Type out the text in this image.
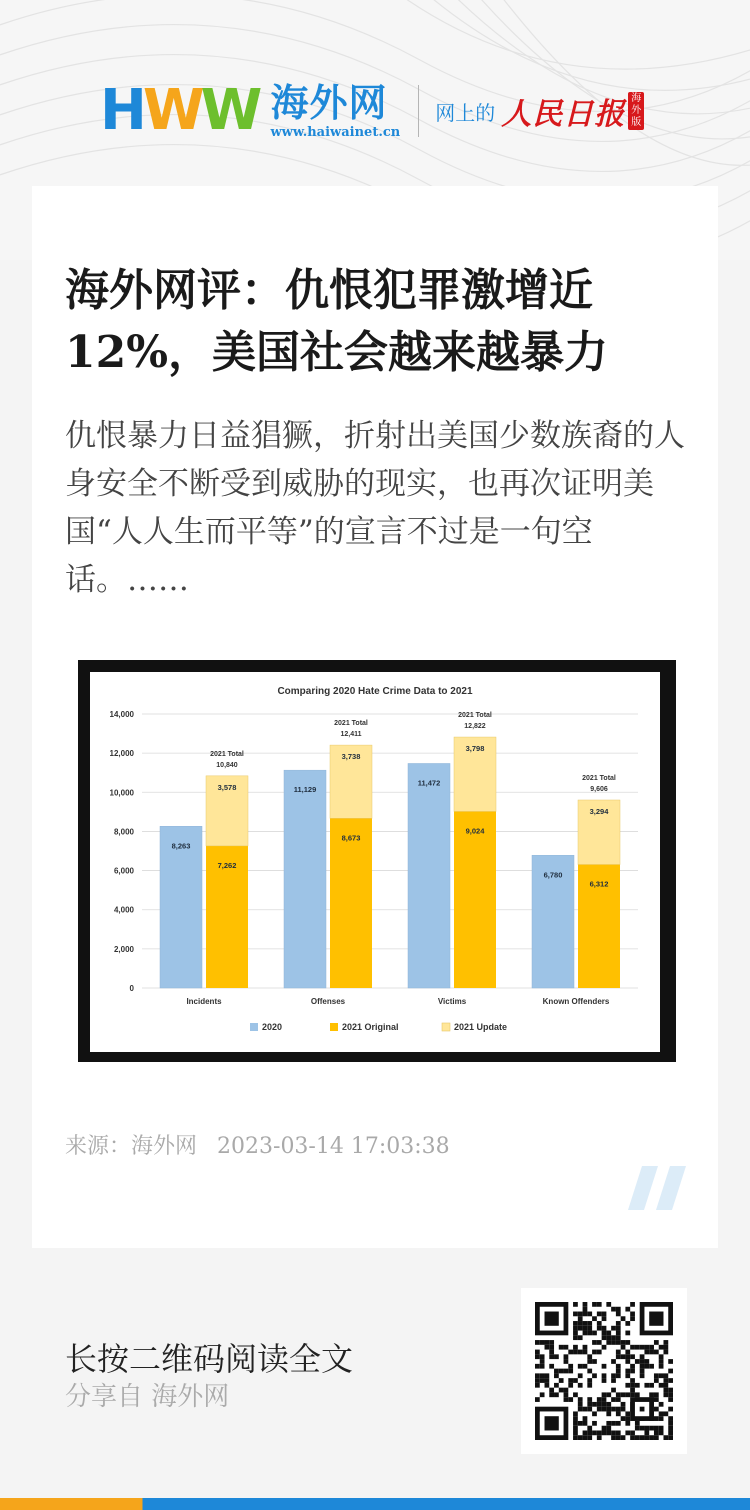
H W W 海外网
www.haiwainet.cn
网上的 人民日报 海外版
海外网评：仇恨犯罪激增近12%，美国社会越来越暴力

仇恨暴力日益猖獗，折射出美国少数族裔的人身安全不断受到威胁的现实，也再次证明美国“人人生而平等”的宣言不过是一句空话。……

Comparing 2020 Hate Crime Data to 2021
0
2,000
4,000
6,000
8,000
10,000
12,000
14,000
8,263
7,262
3,578
2021 Total
10,840
Incidents
11,129
8,673
3,738
2021 Total
12,411
Offenses
11,472
9,024
3,798
2021 Total
12,822
Victims
6,780
6,312
3,294
2021 Total
9,606
Known Offenders
2020	2021 Original	2021 Update
来源：海外网 2023-03-14 17:03:38
长按二维码阅读全文
分享自 海外网
